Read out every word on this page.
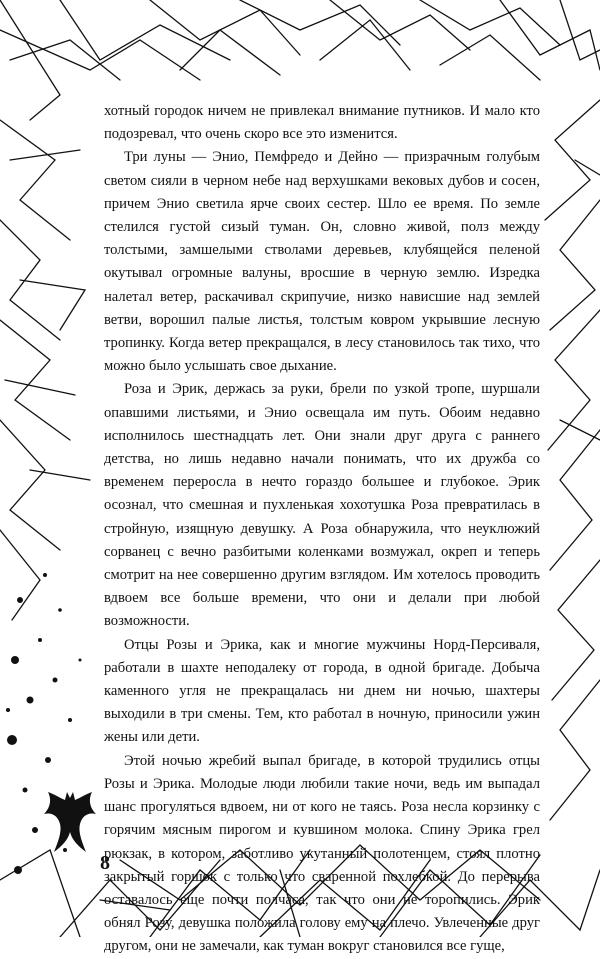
хотный городок ничем не привлекал внимание путников. И мало кто подозревал, что очень скоро все это изменится.

Три луны — Энио, Пемфредо и Дейно — призрачным голубым светом сияли в черном небе над верхушками вековых дубов и сосен, причем Энио светила ярче своих сестер. Шло ее время. По земле стелился густой сизый туман. Он, словно живой, полз между толстыми, замшелыми стволами деревьев, клубящейся пеленой окутывал огромные валуны, вросшие в черную землю. Изредка налетал ветер, раскачивал скрипучие, низко нависшие над землей ветви, ворошил палые листья, толстым ковром укрывшие лесную тропинку. Когда ветер прекращался, в лесу становилось так тихо, что можно было услышать свое дыхание.

Роза и Эрик, держась за руки, брели по узкой тропе, шуршали опавшими листьями, и Энио освещала им путь. Обоим недавно исполнилось шестнадцать лет. Они знали друг друга с раннего детства, но лишь недавно начали понимать, что их дружба со временем переросла в нечто гораздо большее и глубокое. Эрик осознал, что смешная и пухленькая хохотушка Роза превратилась в стройную, изящную девушку. А Роза обнаружила, что неуклюжий сорванец с вечно разбитыми коленками возмужал, окреп и теперь смотрит на нее совершенно другим взглядом. Им хотелось проводить вдвоем все больше времени, что они и делали при любой возможности.

Отцы Розы и Эрика, как и многие мужчины Норд-Персиваля, работали в шахте неподалеку от города, в одной бригаде. Добыча каменного угля не прекращалась ни днем ни ночью, шахтеры выходили в три смены. Тем, кто работал в ночную, приносили ужин жены или дети.

Этой ночью жребий выпал бригаде, в которой трудились отцы Розы и Эрика. Молодые люди любили такие ночи, ведь им выпадал шанс прогуляться вдвоем, ни от кого не таясь. Роза несла корзинку с горячим мясным пирогом и кувшином молока. Спину Эрика грел рюкзак, в котором, заботливо укутанный полотенцем, стоял плотно закрытый горшок с только что сваренной похлебкой. До перерыва оставалось еще почти полчаса, так что они не торопились. Эрик обнял Розу, девушка положила голову ему на плечо. Увлеченные друг другом, они не замечали, как туман вокруг становился все гуще,

8
